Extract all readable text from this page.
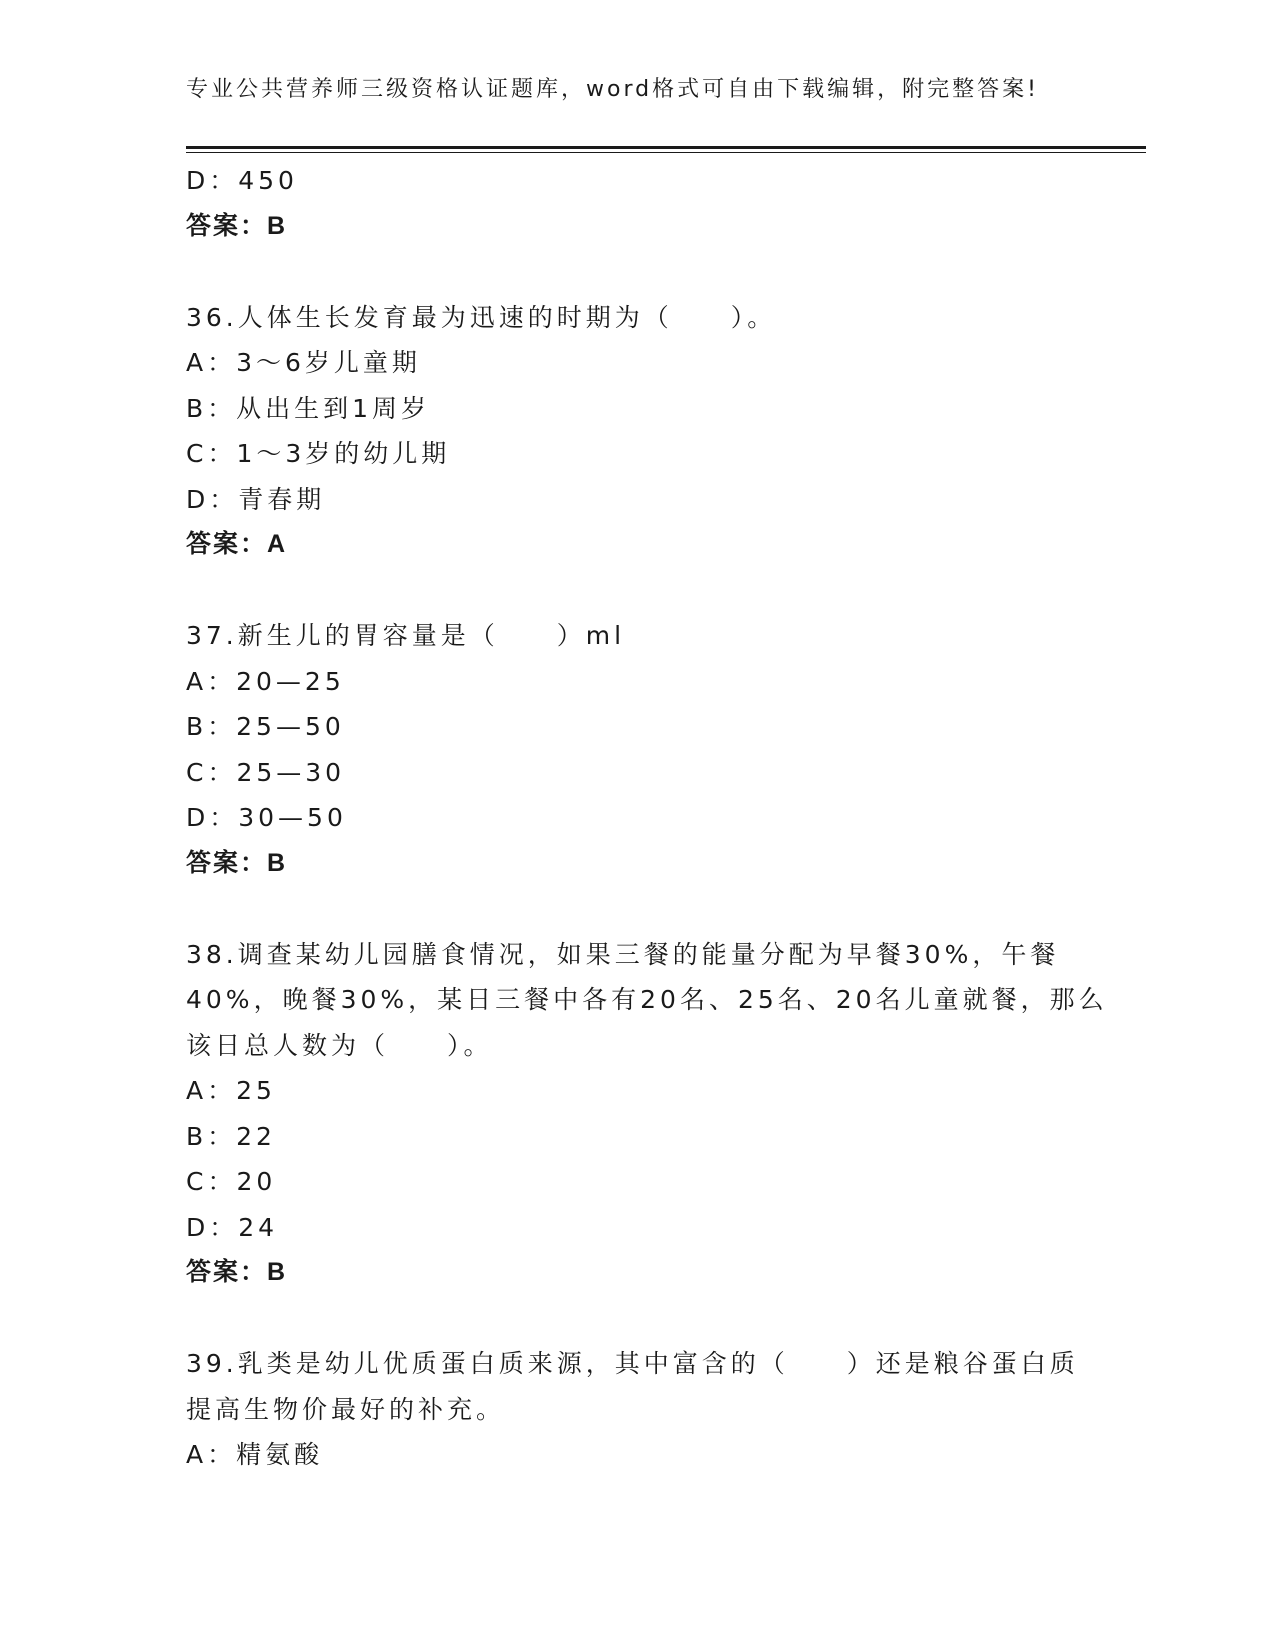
专业公共营养师三级资格认证题库，word格式可自由下载编辑，附完整答案!
D：450
答案：B
36.人体生长发育最为迅速的时期为（　　）。
A：3～6岁儿童期
B：从出生到1周岁
C：1～3岁的幼儿期
D：青春期
答案：A
37.新生儿的胃容量是（　　）ml
A：20—25
B：25—50
C：25—30
D：30—50
答案：B
38.调查某幼儿园膳食情况，如果三餐的能量分配为早餐30%，午餐
40%，晚餐30%，某日三餐中各有20名、25名、20名儿童就餐，那么
该日总人数为（　　）。
A：25
B：22
C：20
D：24
答案：B
39.乳类是幼儿优质蛋白质来源，其中富含的（　　）还是粮谷蛋白质
提高生物价最好的补充。
A：精氨酸
